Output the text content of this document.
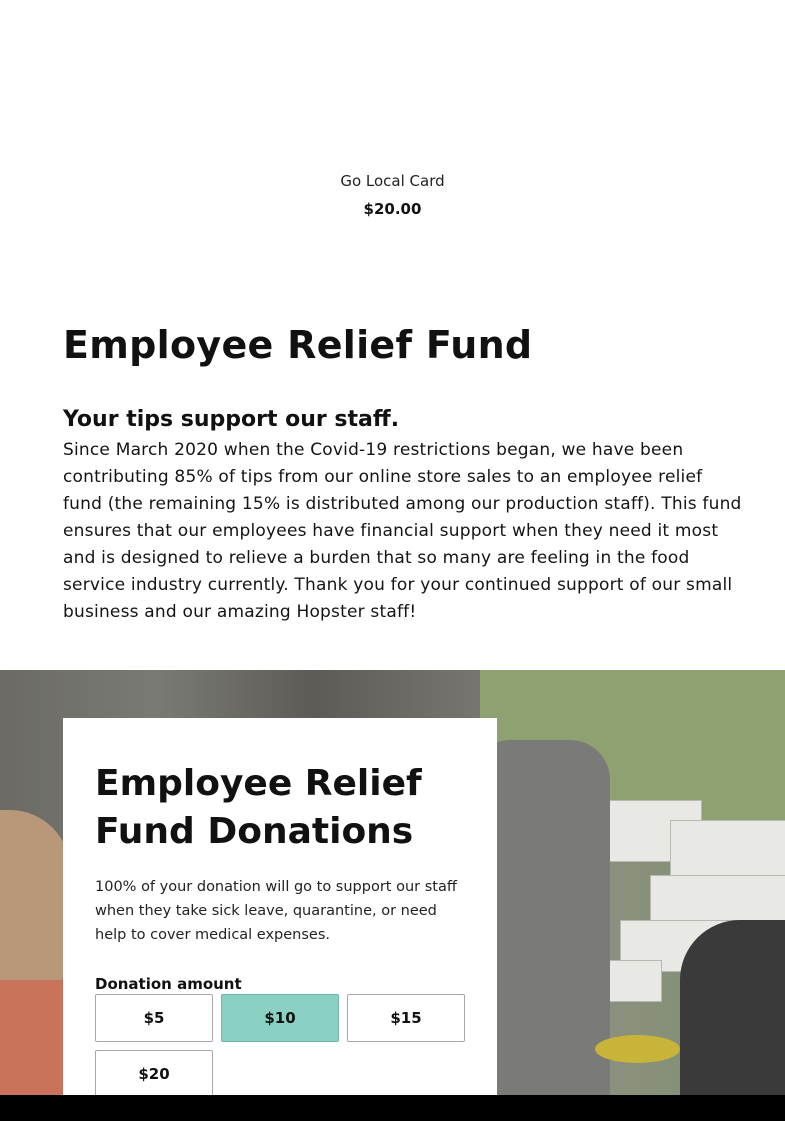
Go Local Card
$20.00
Employee Relief Fund
Your tips support our staff.

Since March 2020 when the Covid-19 restrictions began, we have been contributing 85% of tips from our online store sales to an employee relief fund (the remaining 15% is distributed among our production staff). This fund ensures that our employees have financial support when they need it most and is designed to relieve a burden that so many are feeling in the food service industry currently. Thank you for your continued support of our small business and our amazing Hopster staff!

Employee Relief Fund Donations

100% of your donation will go to support our staff when they take sick leave, quarantine, or need help to cover medical expenses.

Donation amount
$5	$10	$15
$20
